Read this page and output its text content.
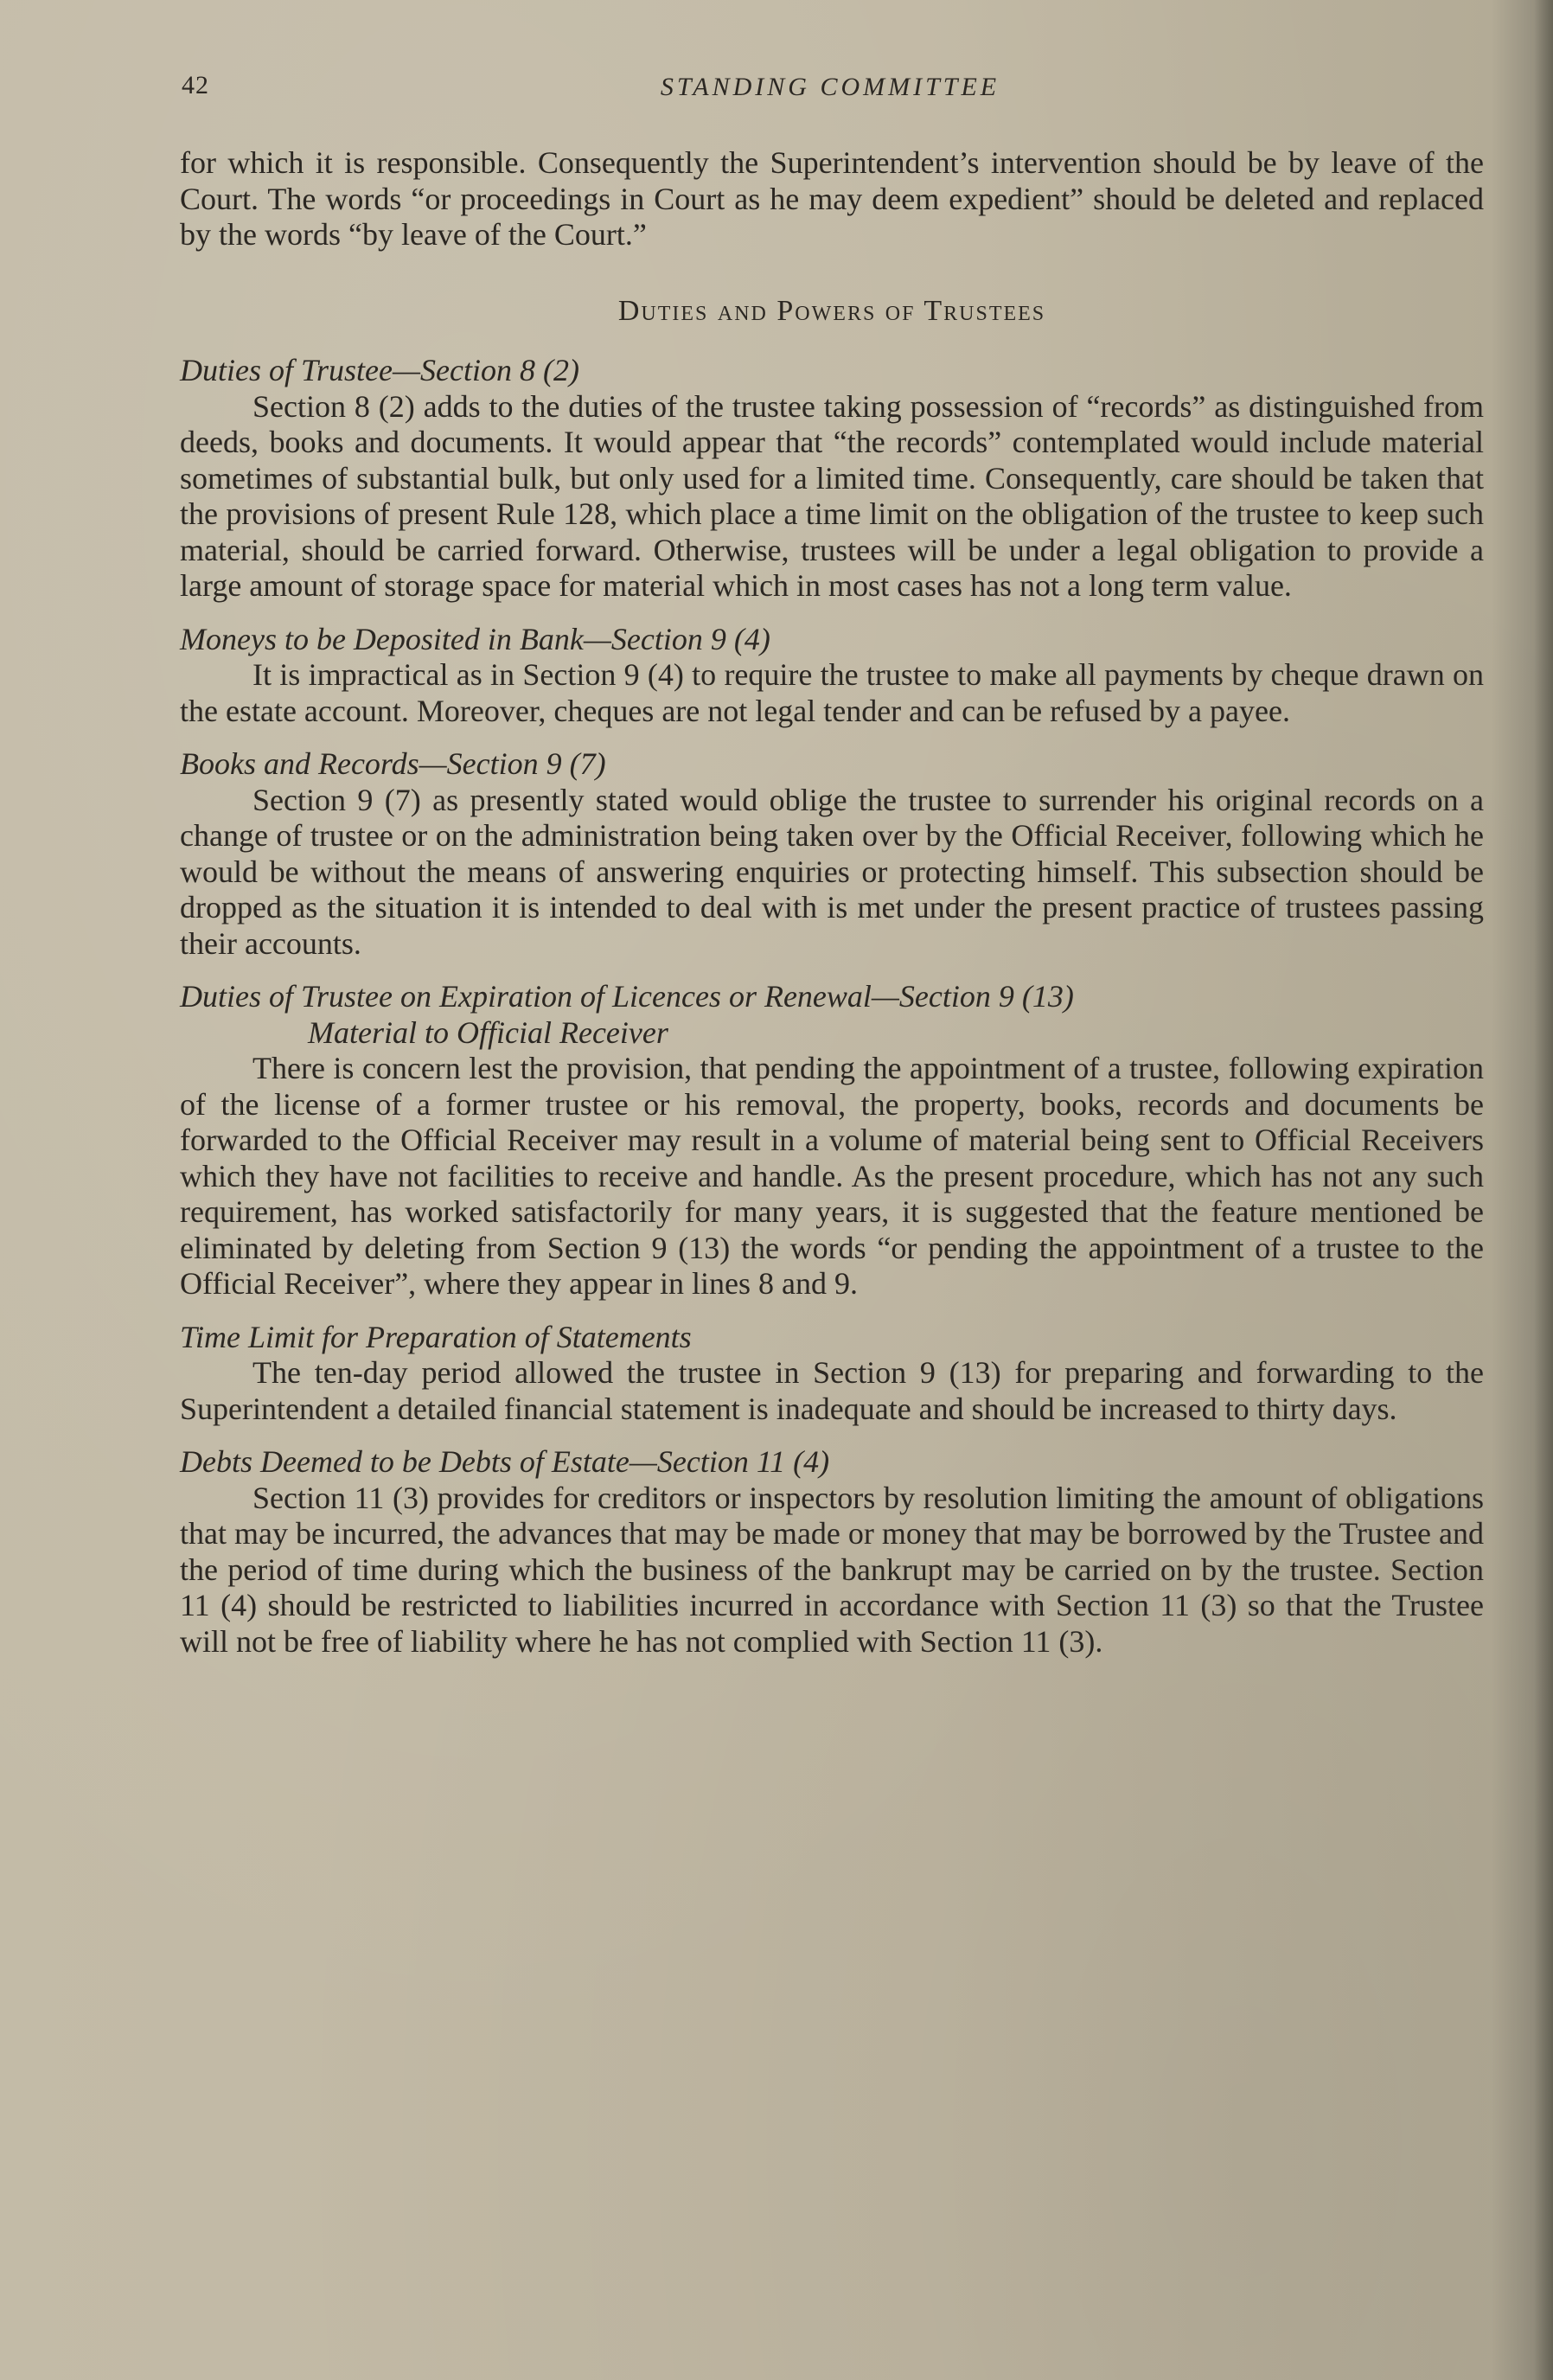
42	STANDING COMMITTEE

for which it is responsible. Consequently the Superintendent’s intervention should be by leave of the Court. The words “or proceedings in Court as he may deem expedient” should be deleted and replaced by the words “by leave of the Court.”

Duties and Powers of Trustees
Duties of Trustee—Section 8 (2)

Section 8 (2) adds to the duties of the trustee taking possession of “records” as distinguished from deeds, books and documents. It would appear that “the records” contemplated would include material sometimes of substantial bulk, but only used for a limited time. Consequently, care should be taken that the provisions of present Rule 128, which place a time limit on the obligation of the trustee to keep such material, should be carried forward. Otherwise, trustees will be under a legal obligation to provide a large amount of storage space for material which in most cases has not a long term value.

Moneys to be Deposited in Bank—Section 9 (4)

It is impractical as in Section 9 (4) to require the trustee to make all payments by cheque drawn on the estate account. Moreover, cheques are not legal tender and can be refused by a payee.

Books and Records—Section 9 (7)

Section 9 (7) as presently stated would oblige the trustee to surrender his original records on a change of trustee or on the administration being taken over by the Official Receiver, following which he would be without the means of answering enquiries or protecting himself. This subsection should be dropped as the situation it is intended to deal with is met under the present practice of trustees passing their accounts.

Duties of Trustee on Expiration of Licences or Renewal—Section 9 (13)
Material to Official Receiver

There is concern lest the provision, that pending the appointment of a trustee, following expiration of the license of a former trustee or his removal, the property, books, records and documents be forwarded to the Official Receiver may result in a volume of material being sent to Official Receivers which they have not facilities to receive and handle. As the present procedure, which has not any such requirement, has worked satisfactorily for many years, it is suggested that the feature mentioned be eliminated by deleting from Section 9 (13) the words “or pending the appointment of a trustee to the Official Receiver”, where they appear in lines 8 and 9.

Time Limit for Preparation of Statements

The ten-day period allowed the trustee in Section 9 (13) for preparing and forwarding to the Superintendent a detailed financial statement is inadequate and should be increased to thirty days.

Debts Deemed to be Debts of Estate—Section 11 (4)

Section 11 (3) provides for creditors or inspectors by resolution limiting the amount of obligations that may be incurred, the advances that may be made or money that may be borrowed by the Trustee and the period of time during which the business of the bankrupt may be carried on by the trustee. Section 11 (4) should be restricted to liabilities incurred in accordance with Section 11 (3) so that the Trustee will not be free of liability where he has not complied with Section 11 (3).
